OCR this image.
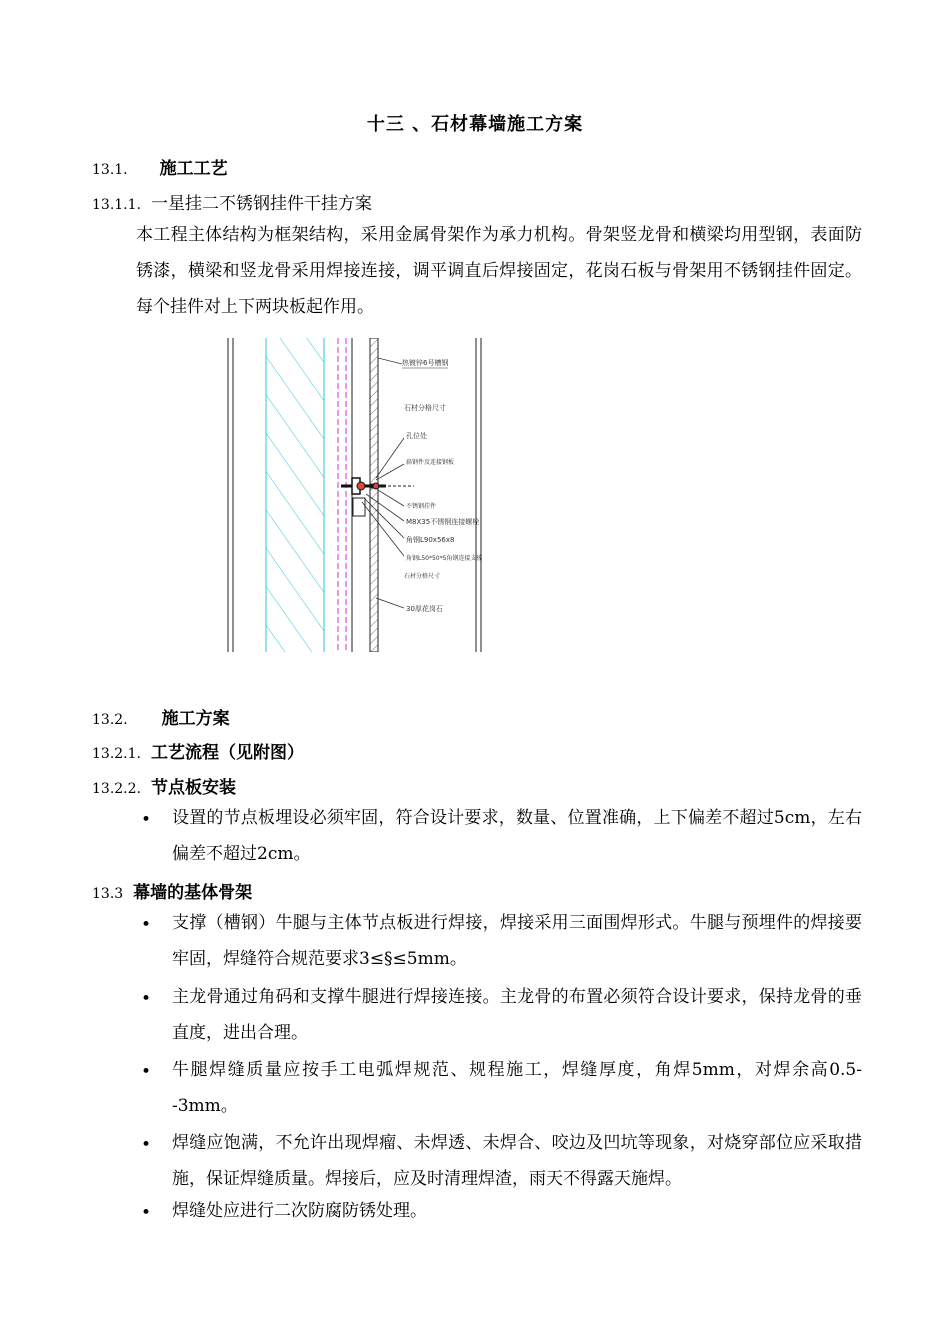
十三 、石材幕墙施工方案
13.1. 施工工艺
13.1.1. 一星挂二不锈钢挂件干挂方案
本工程主体结构为框架结构，采用金属骨架作为承力机构。骨架竖龙骨和横梁均用型钢，表面防锈漆，横梁和竖龙骨采用焊接连接，调平调直后焊接固定，花岗石板与骨架用不锈钢挂件固定。每个挂件对上下两块板起作用。
热镀锌6号槽钢
石材分格尺寸
孔位处
扁钢件及连接钢板
不锈钢挂件
M8X35不锈钢连接螺栓
角钢L90x56x8
角钢L50*50*5角钢连接支撑
石材分格尺寸
30厚花岗石
13.2. 施工方案
13.2.1. 工艺流程（见附图）
13.2.2. 节点板安装
• 设置的节点板埋设必须牢固，符合设计要求，数量、位置准确，上下偏差不超过5cm，左右偏差不超过2cm。
13.3 幕墙的基体骨架
• 支撑（槽钢）牛腿与主体节点板进行焊接，焊接采用三面围焊形式。牛腿与预埋件的焊接要牢固，焊缝符合规范要求3≤§≤5mm。
• 主龙骨通过角码和支撑牛腿进行焊接连接。主龙骨的布置必须符合设计要求，保持龙骨的垂直度，进出合理。
• 牛腿焊缝质量应按手工电弧焊规范、规程施工，焊缝厚度，角焊5mm，对焊余高0.5--3mm。
• 焊缝应饱满，不允许出现焊瘤、未焊透、未焊合、咬边及凹坑等现象，对烧穿部位应采取措施，保证焊缝质量。焊接后，应及时清理焊渣，雨天不得露天施焊。
• 焊缝处应进行二次防腐防锈处理。
